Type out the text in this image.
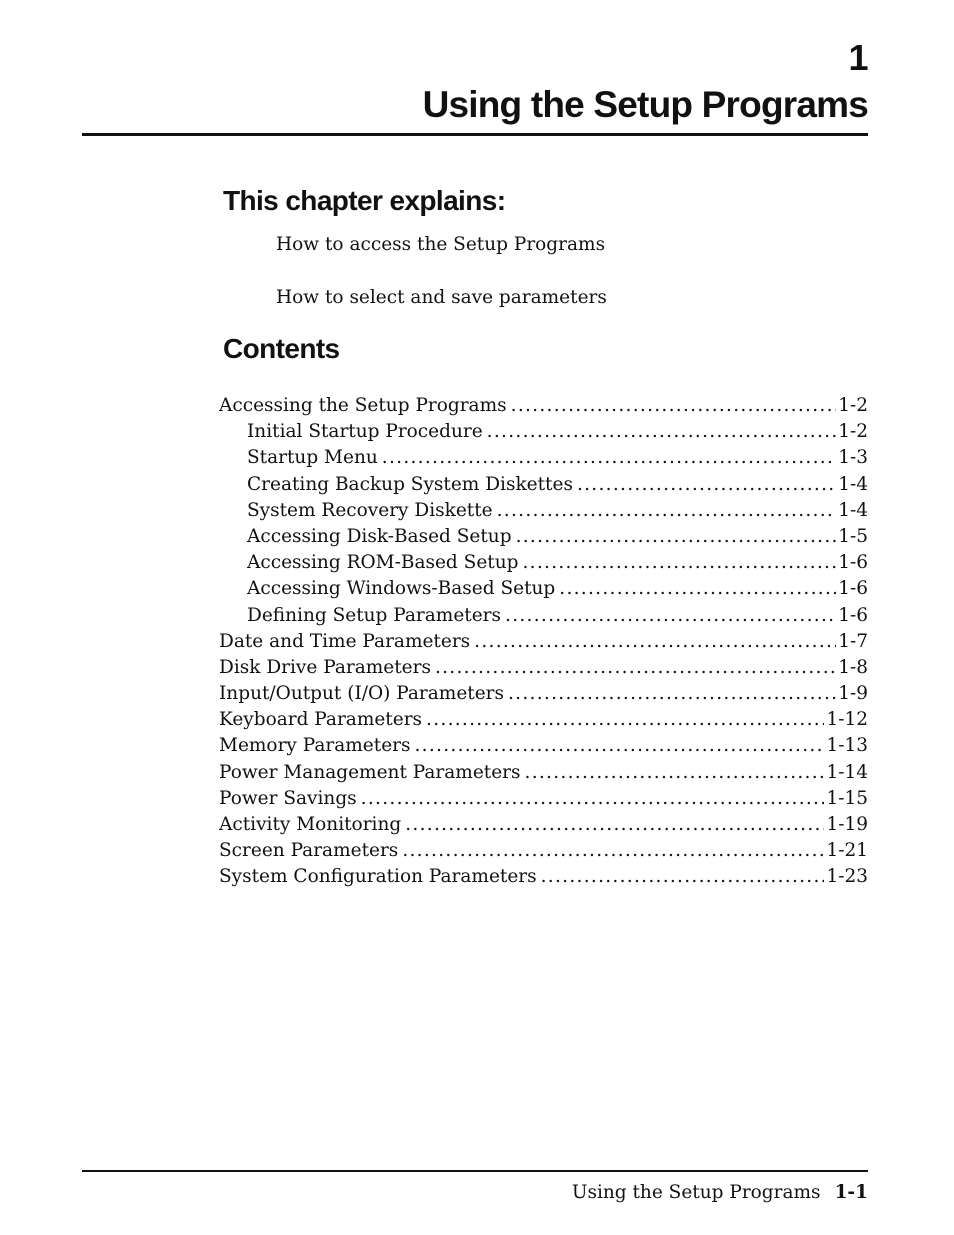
1
Using the Setup Programs
This chapter explains:
How to access the Setup Programs
How to select and save parameters
Contents
Accessing the Setup Programs .....	1-2
Initial Startup Procedure .....	1-2
Startup Menu .....	1-3
Creating Backup System Diskettes .....	1-4
System Recovery Diskette .....	1-4
Accessing Disk-Based Setup .....	1-5
Accessing ROM-Based Setup .....	1-6
Accessing Windows-Based Setup .....	1-6
Defining Setup Parameters .....	1-6
Date and Time Parameters .....	1-7
Disk Drive Parameters .....	1-8
Input/Output (I/O) Parameters .....	1-9
Keyboard Parameters .....	1-12
Memory Parameters .....	1-13
Power Management Parameters .....	1-14
Power Savings .....	1-15
Activity Monitoring .....	1-19
Screen Parameters .....	1-21
System Configuration Parameters .....	1-23
Using the Setup Programs 1-1
